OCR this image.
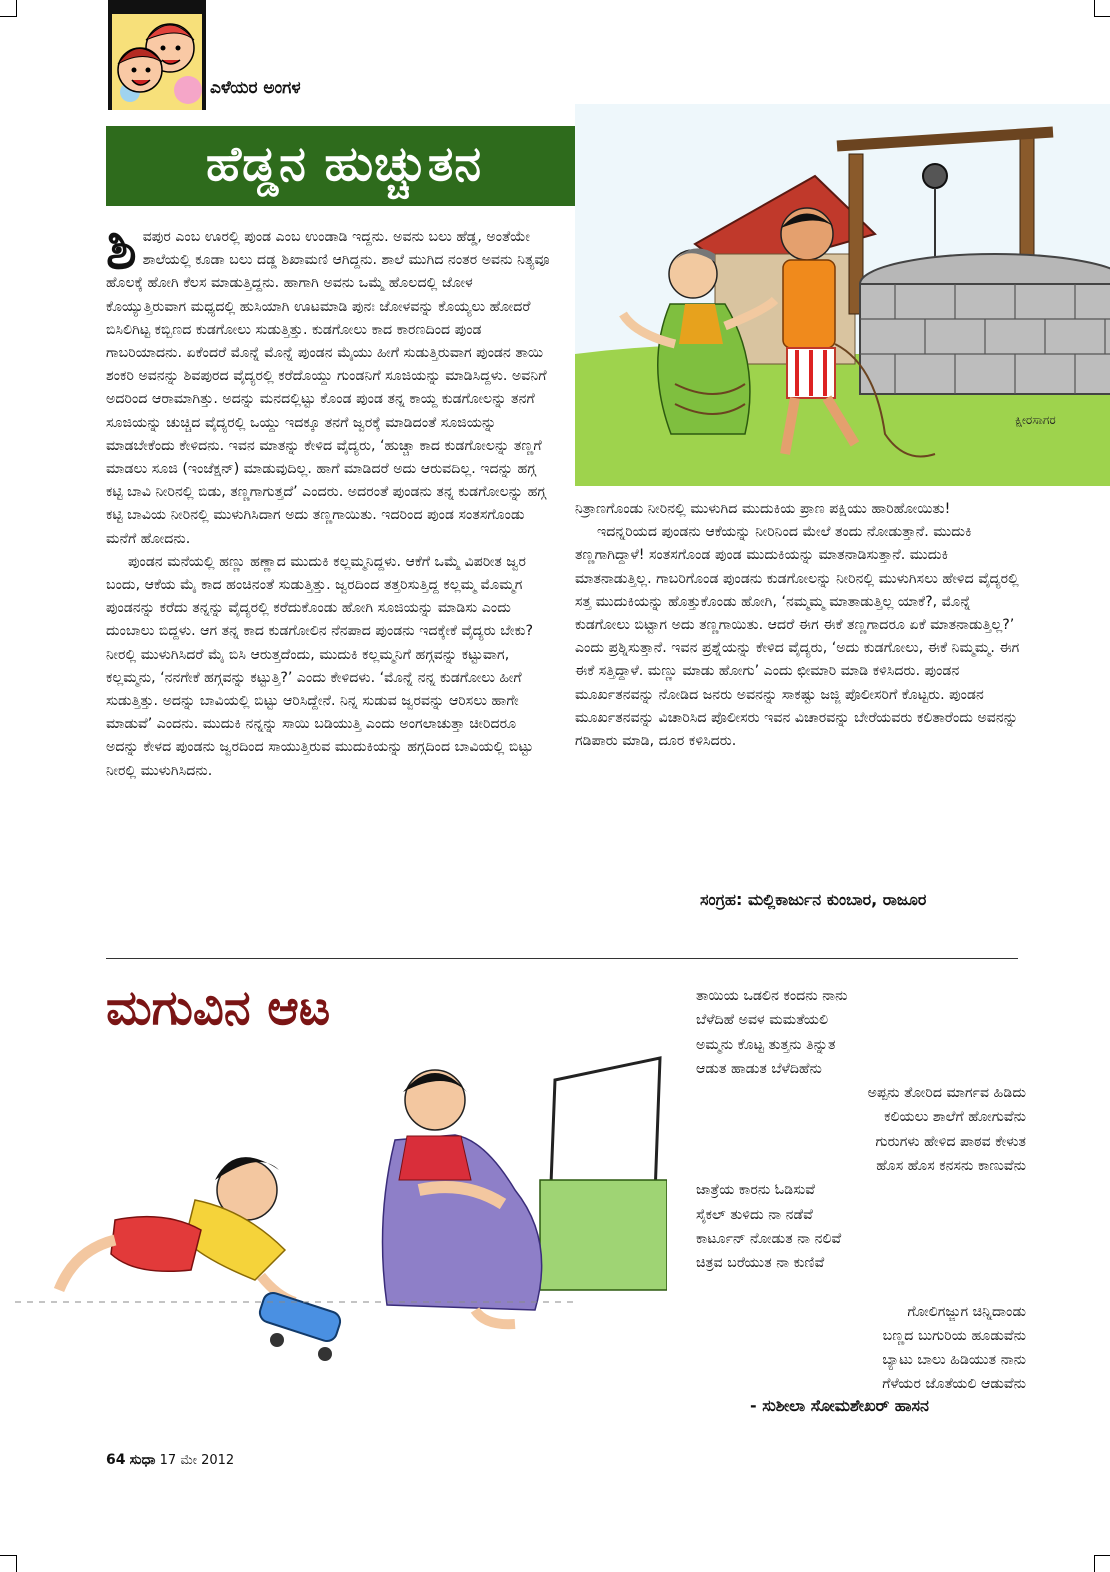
ಎಳೆಯರ ಅಂಗಳ
ಹೆಡ್ಡನ ಹುಚ್ಚುತನ
ಕ್ಷೀರಸಾಗರ
ಶಿ ವಪುರ ಎಂಬ ಊರಲ್ಲಿ ಪುಂಡ ಎಂಬ ಉಂಡಾಡಿ ಇದ್ದನು. ಅವನು ಬಲು ಹೆಡ್ಡ, ಅಂತೆಯೇ ಶಾಲೆಯಲ್ಲಿ ಕೂಡಾ ಬಲು ದಡ್ಡ ಶಿಖಾಮಣಿ ಆಗಿದ್ದನು. ಶಾಲೆ ಮುಗಿದ ನಂತರ ಅವನು ನಿತ್ಯವೂ ಹೊಲಕ್ಕೆ ಹೋಗಿ ಕೆಲಸ ಮಾಡುತ್ತಿದ್ದನು. ಹಾಗಾಗಿ ಅವನು ಒಮ್ಮೆ ಹೊಲದಲ್ಲಿ ಜೋಳ ಕೊಯ್ಯುತ್ತಿರುವಾಗ ಮಧ್ಯದಲ್ಲಿ ಹುಸಿಯಾಗಿ ಊಟಮಾಡಿ ಪುನಃ ಜೋಳವನ್ನು ಕೊಯ್ಯಲು ಹೋದರೆ ಬಿಸಿಲಿಗಿಟ್ಟ ಕಬ್ಬಿಣದ ಕುಡಗೋಲು ಸುಡುತ್ತಿತ್ತು. ಕುಡಗೋಲು ಕಾದ ಕಾರಣದಿಂದ ಪುಂಡ ಗಾಬರಿಯಾದನು. ಏಕೆಂದರೆ ಮೊನ್ನೆ ಮೊನ್ನೆ ಪುಂಡನ ಮೈಯು ಹೀಗೆ ಸುಡುತ್ತಿರುವಾಗ ಪುಂಡನ ತಾಯಿ ಶಂಕರಿ ಅವನನ್ನು ಶಿವಪುರದ ವೈದ್ಯರಲ್ಲಿ ಕರೆದೊಯ್ದು ಗುಂಡನಿಗೆ ಸೂಜಿಯನ್ನು ಮಾಡಿಸಿದ್ದಳು. ಅವನಿಗೆ ಅದರಿಂದ ಆರಾಮಾಗಿತ್ತು. ಅದನ್ನು ಮನದಲ್ಲಿಟ್ಟು ಕೊಂಡ ಪುಂಡ ತನ್ನ ಕಾಯ್ದ ಕುಡಗೋಲನ್ನು ತನಗೆ ಸೂಜಿಯನ್ನು ಚುಚ್ಚಿದ ವೈದ್ಯರಲ್ಲಿ ಒಯ್ದು ಇದಕ್ಕೂ ತನಗೆ ಜ್ವರಕ್ಕೆ ಮಾಡಿದಂತೆ ಸೂಜಿಯನ್ನು ಮಾಡಬೇಕೆಂದು ಕೇಳಿದನು. ಇವನ ಮಾತನ್ನು ಕೇಳಿದ ವೈದ್ಯರು, ‘ಹುಚ್ಚಾ ಕಾದ ಕುಡಗೋಲನ್ನು ತಣ್ಣಗೆ ಮಾಡಲು ಸೂಜಿ (ಇಂಜೆಕ್ಷನ್) ಮಾಡುವುದಿಲ್ಲ. ಹಾಗೆ ಮಾಡಿದರೆ ಅದು ಆರುವದಿಲ್ಲ. ಇದನ್ನು ಹಗ್ಗ ಕಟ್ಟಿ ಬಾವಿ ನೀರಿನಲ್ಲಿ ಬಿಡು, ತಣ್ಣಗಾಗುತ್ತದೆ’ ಎಂದರು. ಅದರಂತೆ ಪುಂಡನು ತನ್ನ ಕುಡಗೋಲನ್ನು ಹಗ್ಗ ಕಟ್ಟಿ ಬಾವಿಯ ನೀರಿನಲ್ಲಿ ಮುಳುಗಿಸಿದಾಗ ಅದು ತಣ್ಣಗಾಯಿತು. ಇದರಿಂದ ಪುಂಡ ಸಂತಸಗೊಂಡು ಮನೆಗೆ ಹೋದನು.

ಪುಂಡನ ಮನೆಯಲ್ಲಿ ಹಣ್ಣು ಹಣ್ಣಾದ ಮುದುಕಿ ಕಲ್ಲಮ್ಮನಿದ್ದಳು. ಆಕೆಗೆ ಒಮ್ಮೆ ವಿಪರೀತ ಜ್ವರ ಬಂದು, ಆಕೆಯ ಮೈ ಕಾದ ಹಂಚಿನಂತೆ ಸುಡುತ್ತಿತ್ತು. ಜ್ವರದಿಂದ ತತ್ತರಿಸುತ್ತಿದ್ದ ಕಲ್ಲಮ್ಮ ಮೊಮ್ಮಗ ಪುಂಡನನ್ನು ಕರೆದು ತನ್ನನ್ನು ವೈದ್ಯರಲ್ಲಿ ಕರೆದುಕೊಂಡು ಹೋಗಿ ಸೂಜಿಯನ್ನು ಮಾಡಿಸು ಎಂದು ದುಂಬಾಲು ಬಿದ್ದಳು. ಆಗ ತನ್ನ ಕಾದ ಕುಡಗೋಲಿನ ನೆನಪಾದ ಪುಂಡನು ಇದಕ್ಕೇಕೆ ವೈದ್ಯರು ಬೇಕು? ನೀರಲ್ಲಿ ಮುಳುಗಿಸಿದರೆ ಮೈ ಬಿಸಿ ಆರುತ್ತದೆಂದು, ಮುದುಕಿ ಕಲ್ಲಮ್ಮನಿಗೆ ಹಗ್ಗವನ್ನು ಕಟ್ಟುವಾಗ, ಕಲ್ಲಮ್ಮನು, ‘ನನಗೇಕೆ ಹಗ್ಗವನ್ನು ಕಟ್ಟುತ್ತಿ?’ ಎಂದು ಕೇಳಿದಳು. ‘ಮೊನ್ನೆ ನನ್ನ ಕುಡಗೋಲು ಹೀಗೆ ಸುಡುತ್ತಿತ್ತು. ಅದನ್ನು ಬಾವಿಯಲ್ಲಿ ಬಿಟ್ಟು ಆರಿಸಿದ್ದೇನೆ. ನಿನ್ನ ಸುಡುವ ಜ್ವರವನ್ನು ಆರಿಸಲು ಹಾಗೇ ಮಾಡುವೆ’ ಎಂದನು. ಮುದುಕಿ ನನ್ನನ್ನು ಸಾಯಿ ಬಡಿಯುತ್ತಿ ಎಂದು ಅಂಗಲಾಚುತ್ತಾ ಚೀರಿದರೂ ಅದನ್ನು ಕೇಳದ ಪುಂಡನು ಜ್ವರದಿಂದ ಸಾಯುತ್ತಿರುವ ಮುದುಕಿಯನ್ನು ಹಗ್ಗದಿಂದ ಬಾವಿಯಲ್ಲಿ ಬಿಟ್ಟು ನೀರಲ್ಲಿ ಮುಳುಗಿಸಿದನು.

ನಿತ್ರಾಣಗೊಂಡು ನೀರಿನಲ್ಲಿ ಮುಳುಗಿದ ಮುದುಕಿಯ ಪ್ರಾಣ ಪಕ್ಷಿಯು ಹಾರಿಹೋಯಿತು!

ಇದನ್ನರಿಯದ ಪುಂಡನು ಆಕೆಯನ್ನು ನೀರಿನಿಂದ ಮೇಲೆ ತಂದು ನೋಡುತ್ತಾನೆ. ಮುದುಕಿ ತಣ್ಣಗಾಗಿದ್ದಾಳೆ! ಸಂತಸಗೊಂಡ ಪುಂಡ ಮುದುಕಿಯನ್ನು ಮಾತನಾಡಿಸುತ್ತಾನೆ. ಮುದುಕಿ ಮಾತನಾಡುತ್ತಿಲ್ಲ. ಗಾಬರಿಗೊಂಡ ಪುಂಡನು ಕುಡಗೋಲನ್ನು ನೀರಿನಲ್ಲಿ ಮುಳುಗಿಸಲು ಹೇಳಿದ ವೈದ್ಯರಲ್ಲಿ ಸತ್ತ ಮುದುಕಿಯನ್ನು ಹೊತ್ತುಕೊಂಡು ಹೋಗಿ, ‘ನಮ್ಮಮ್ಮ ಮಾತಾಡುತ್ತಿಲ್ಲ ಯಾಕೆ?, ಮೊನ್ನೆ ಕುಡಗೋಲು ಬಿಟ್ಟಾಗ ಅದು ತಣ್ಣಗಾಯಿತು. ಆದರೆ ಈಗ ಈಕೆ ತಣ್ಣಗಾದರೂ ಏಕೆ ಮಾತನಾಡುತ್ತಿಲ್ಲ?’ ಎಂದು ಪ್ರಶ್ನಿಸುತ್ತಾನೆ. ಇವನ ಪ್ರಶ್ನೆಯನ್ನು ಕೇಳಿದ ವೈದ್ಯರು, ‘ಅದು ಕುಡಗೋಲು, ಈಕೆ ನಿಮ್ಮಮ್ಮ. ಈಗ ಈಕೆ ಸತ್ತಿದ್ದಾಳೆ. ಮಣ್ಣು ಮಾಡು ಹೋಗು’ ಎಂದು ಛೀಮಾರಿ ಮಾಡಿ ಕಳಿಸಿದರು. ಪುಂಡನ ಮೂರ್ಖತನವನ್ನು ನೋಡಿದ ಜನರು ಅವನನ್ನು ಸಾಕಷ್ಟು ಜಜ್ಜಿ ಪೊಲೀಸರಿಗೆ ಕೊಟ್ಟರು. ಪುಂಡನ ಮೂರ್ಖತನವನ್ನು ವಿಚಾರಿಸಿದ ಪೊಲೀಸರು ಇವನ ವಿಚಾರವನ್ನು ಬೇರೆಯವರು ಕಲಿತಾರೆಂದು ಅವನನ್ನು ಗಡಿಪಾರು ಮಾಡಿ, ದೂರ ಕಳಿಸಿದರು.

ಸಂಗ್ರಹ: ಮಲ್ಲಿಕಾರ್ಜುನ ಕುಂಬಾರ, ರಾಜೂರ
ಮಗುವಿನ ಆಟ	ತಾಯಿಯ ಒಡಲಿನ ಕಂದನು ನಾನು
ಬೆಳೆದಿಹೆ ಅವಳ ಮಮತೆಯಲಿ
ಅಮ್ಮನು ಕೊಟ್ಟ ತುತ್ತನು ತಿನ್ನುತ
ಆಡುತ ಹಾಡುತ ಬೆಳೆದಿಹೆನು
ಅಪ್ಪನು ತೋರಿದ ಮಾರ್ಗವ ಹಿಡಿದು
ಕಲಿಯಲು ಶಾಲೆಗೆ ಹೋಗುವೆನು
ಗುರುಗಳು ಹೇಳಿದ ಪಾಠವ ಕೇಳುತ
ಹೊಸ ಹೊಸ ಕನಸನು ಕಾಣುವೆನು
ಜಾತ್ರೆಯ ಕಾರನು ಓಡಿಸುವೆ
ಸೈಕಲ್ ತುಳಿದು ನಾ ನಡೆವೆ
ಕಾರ್ಟೂನ್ ನೋಡುತ ನಾ ನಲಿವೆ
ಚಿತ್ರವ ಬರೆಯುತ ನಾ ಕುಣಿವೆ
ಗೋಲಿಗಜ್ಜುಗ ಚಿನ್ನಿದಾಂಡು
ಬಣ್ಣದ ಬುಗುರಿಯ ಹೂಡುವೆನು
ಬ್ಯಾಟು ಬಾಲು ಹಿಡಿಯುತ ನಾನು
ಗೆಳೆಯರ ಜೊತೆಯಲಿ ಆಡುವೆನು
- ಸುಶೀಲಾ ಸೋಮಶೇಖರ್ ಹಾಸನ
64 ಸುಧಾ 17 ಮೇ 2012
